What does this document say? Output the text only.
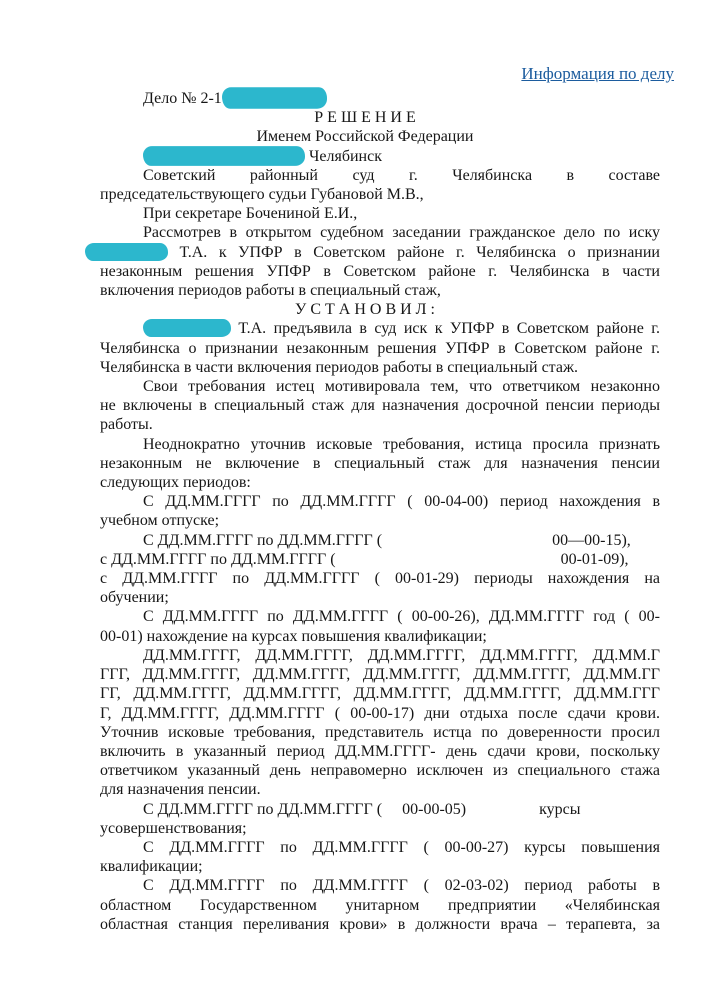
Информация по делу
Дело № 2-1
Р Е Ш Е Н И Е
Именем Российской Федерации
Челябинск
Советский районный суд г. Челябинска в составе
председательствующего судьи Губановой М.В.,
При секретаре Бочениной Е.И.,
Рассмотрев в открытом судебном заседании гражданское дело по иску
Т.А. к УПФР в Советском районе г. Челябинска о признании
незаконным решения УПФР в Советском районе г. Челябинска в части
включения периодов работы в специальный стаж,
У С Т А Н О В И Л :
Т.А. предъявила в суд иск к УПФР в Советском районе г.
Челябинска о признании незаконным решения УПФР в Советском районе г.
Челябинска в части включения периодов работы в специальный стаж.
Свои требования истец мотивировала тем, что ответчиком незаконно
не включены в специальный стаж для назначения досрочной пенсии периоды
работы.
Неоднократно уточнив исковые требования, истица просила признать
незаконным не включение в специальный стаж для назначения пенсии
следующих периодов:
С ДД.ММ.ГГГГ по ДД.ММ.ГГГГ ( 00-04-00) период нахождения в
учебном отпуске;
С ДД.ММ.ГГГГ по ДД.ММ.ГГГГ (	00—00-15),
с ДД.ММ.ГГГГ по ДД.ММ.ГГГГ (	00-01-09),
с ДД.ММ.ГГГГ по ДД.ММ.ГГГГ ( 00-01-29) периоды нахождения на
обучении;
С ДД.ММ.ГГГГ по ДД.ММ.ГГГГ ( 00-00-26), ДД.ММ.ГГГГ год ( 00-
00-01) нахождение на курсах повышения квалификации;
ДД.ММ.ГГГГ, ДД.ММ.ГГГГ, ДД.ММ.ГГГГ, ДД.ММ.ГГГГ, ДД.ММ.Г
ГГГ, ДД.ММ.ГГГГ, ДД.ММ.ГГГГ, ДД.ММ.ГГГГ, ДД.ММ.ГГГГ, ДД.ММ.ГГ
ГГ, ДД.ММ.ГГГГ, ДД.ММ.ГГГГ, ДД.ММ.ГГГГ, ДД.ММ.ГГГГ, ДД.ММ.ГГГ
Г, ДД.ММ.ГГГГ, ДД.ММ.ГГГГ ( 00-00-17) дни отдыха после сдачи крови.
Уточнив исковые требования, представитель истца по доверенности просил
включить в указанный период ДД.ММ.ГГГГ- день сдачи крови, поскольку
ответчиком указанный день неправомерно исключен из специального стажа
для назначения пенсии.
С ДД.ММ.ГГГГ по ДД.ММ.ГГГГ ( 00-00-05)	курсы
усовершенствования;
С ДД.ММ.ГГГГ по ДД.ММ.ГГГГ ( 00-00-27) курсы повышения
квалификации;
С ДД.ММ.ГГГГ по ДД.ММ.ГГГГ ( 02-03-02) период работы в
областном Государственном унитарном предприятии «Челябинская
областная станция переливания крови» в должности врача – терапевта, за
